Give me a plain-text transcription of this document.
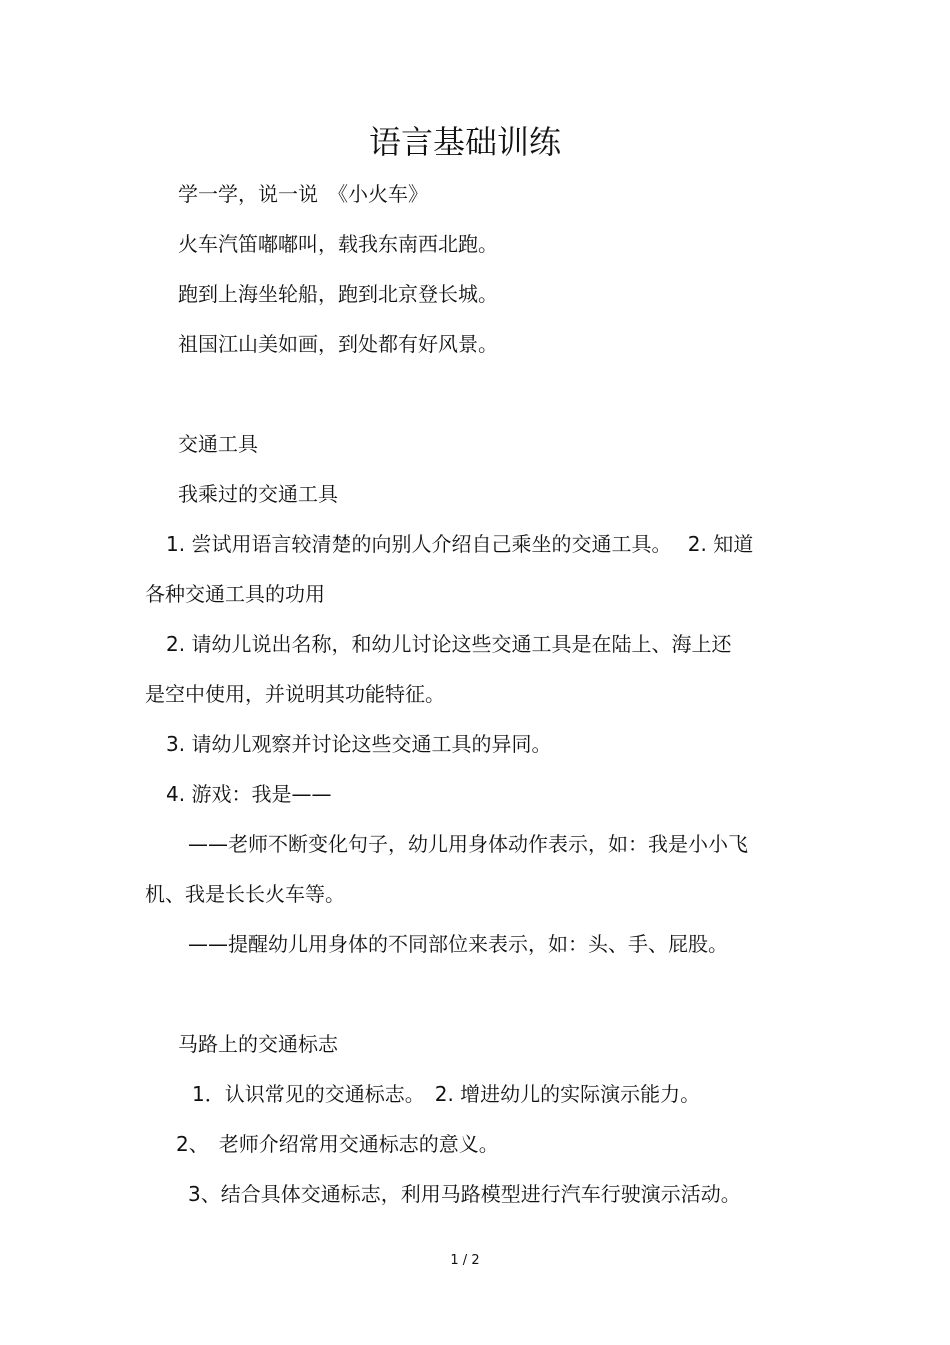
语言基础训练
学一学，说一说　《小火车》
火车汽笛嘟嘟叫，载我东南西北跑。
跑到上海坐轮船，跑到北京登长城。
祖国江山美如画，到处都有好风景。
交通工具
我乘过的交通工具
1. 尝试用语言较清楚的向别人介绍自己乘坐的交通工具。　 2. 知道
各种交通工具的功用
2. 请幼儿说出名称，和幼儿讨论这些交通工具是在陆上、海上还
是空中使用，并说明其功能特征。
3. 请幼儿观察并讨论这些交通工具的异同。
4. 游戏：我是——
——老师不断变化句子，幼儿用身体动作表示，如：我是小小飞
机、我是长长火车等。
——提醒幼儿用身体的不同部位来表示，如：头、手、屁股。
马路上的交通标志
1．认识常见的交通标志。　2. 增进幼儿的实际演示能力。
2、　老师介绍常用交通标志的意义。
3、结合具体交通标志，利用马路模型进行汽车行驶演示活动。
1 / 2
